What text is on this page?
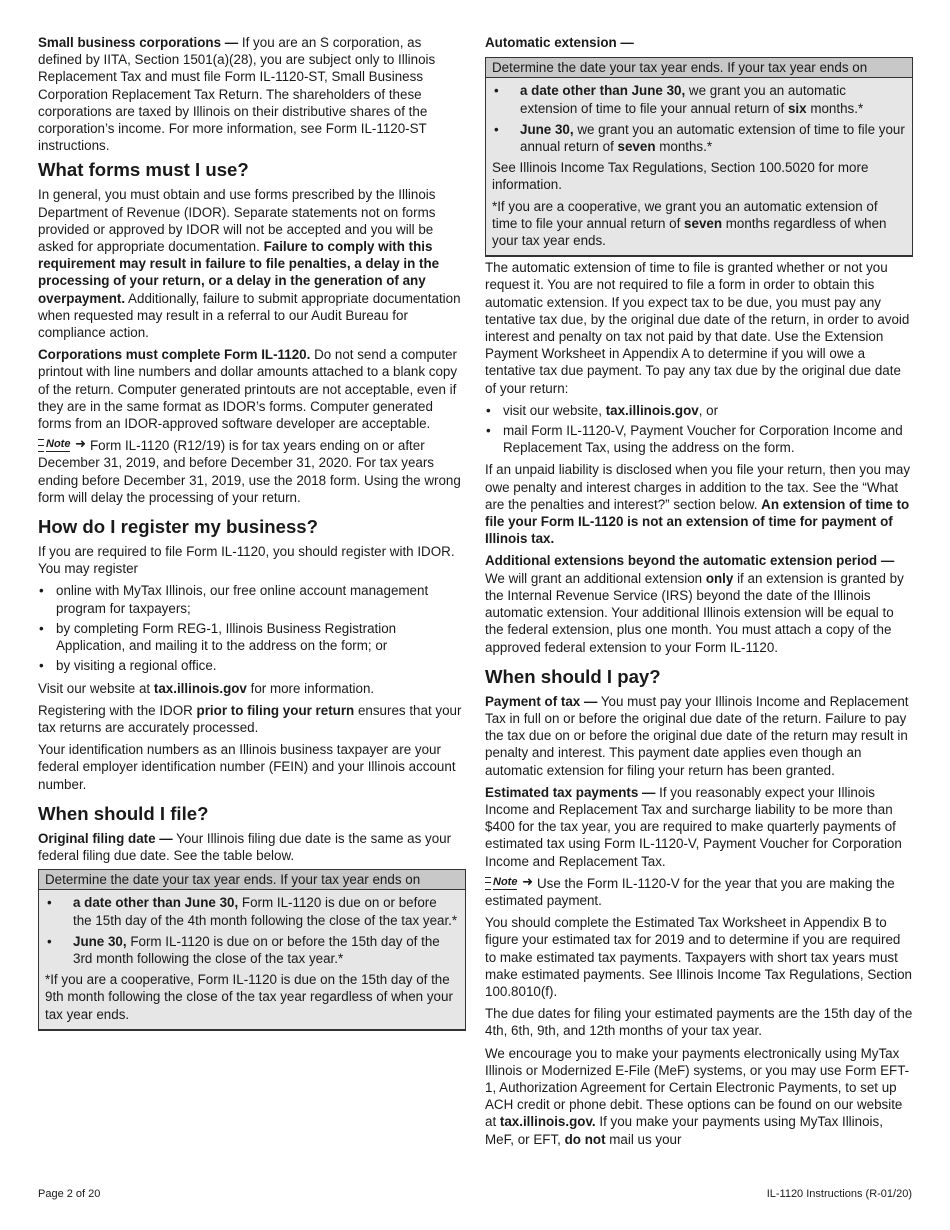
Small business corporations — If you are an S corporation, as defined by IITA, Section 1501(a)(28), you are subject only to Illinois Replacement Tax and must file Form IL-1120-ST, Small Business Corporation Replacement Tax Return. The shareholders of these corporations are taxed by Illinois on their distributive shares of the corporation’s income. For more information, see Form IL-1120-ST instructions.

What forms must I use?

In general, you must obtain and use forms prescribed by the Illinois Department of Revenue (IDOR). Separate statements not on forms provided or approved by IDOR will not be accepted and you will be asked for appropriate documentation. Failure to comply with this requirement may result in failure to file penalties, a delay in the processing of your return, or a delay in the generation of any overpayment. Additionally, failure to submit appropriate documentation when requested may result in a referral to our Audit Bureau for compliance action.

Corporations must complete Form IL-1120. Do not send a computer printout with line numbers and dollar amounts attached to a blank copy of the return. Computer generated printouts are not acceptable, even if they are in the same format as IDOR’s forms. Computer generated forms from an IDOR-approved software developer are acceptable.

Note ➜ Form IL-1120 (R12/19) is for tax years ending on or after December 31, 2019, and before December 31, 2020. For tax years ending before December 31, 2019, use the 2018 form. Using the wrong form will delay the processing of your return.

How do I register my business?

If you are required to file Form IL-1120, you should register with IDOR. You may register

• online with MyTax Illinois, our free online account management program for taxpayers;
• by completing Form REG-1, Illinois Business Registration Application, and mailing it to the address on the form; or
• by visiting a regional office.

Visit our website at tax.illinois.gov for more information.

Registering with the IDOR prior to filing your return ensures that your tax returns are accurately processed.

Your identification numbers as an Illinois business taxpayer are your federal employer identification number (FEIN) and your Illinois account number.

When should I file?

Original filing date — Your Illinois filing due date is the same as your federal filing due date. See the table below.

Determine the date your tax year ends. If your tax year ends on
• a date other than June 30, Form IL-1120 is due on or before the 15th day of the 4th month following the close of the tax year.*
• June 30, Form IL-1120 is due on or before the 15th day of the 3rd month following the close of the tax year.*

*If you are a cooperative, Form IL-1120 is due on the 15th day of the 9th month following the close of the tax year regardless of when your tax year ends.

Automatic extension —

Determine the date your tax year ends. If your tax year ends on
• a date other than June 30, we grant you an automatic extension of time to file your annual return of six months.*
• June 30, we grant you an automatic extension of time to file your annual return of seven months.*

See Illinois Income Tax Regulations, Section 100.5020 for more information.

*If you are a cooperative, we grant you an automatic extension of time to file your annual return of seven months regardless of when your tax year ends.

The automatic extension of time to file is granted whether or not you request it. You are not required to file a form in order to obtain this automatic extension. If you expect tax to be due, you must pay any tentative tax due, by the original due date of the return, in order to avoid interest and penalty on tax not paid by that date. Use the Extension Payment Worksheet in Appendix A to determine if you will owe a tentative tax due payment. To pay any tax due by the original due date of your return:

• visit our website, tax.illinois.gov, or
• mail Form IL-1120-V, Payment Voucher for Corporation Income and Replacement Tax, using the address on the form.

If an unpaid liability is disclosed when you file your return, then you may owe penalty and interest charges in addition to the tax. See the “What are the penalties and interest?” section below. An extension of time to file your Form IL-1120 is not an extension of time for payment of Illinois tax.

Additional extensions beyond the automatic extension period — We will grant an additional extension only if an extension is granted by the Internal Revenue Service (IRS) beyond the date of the Illinois automatic extension. Your additional Illinois extension will be equal to the federal extension, plus one month. You must attach a copy of the approved federal extension to your Form IL-1120.

When should I pay?

Payment of tax — You must pay your Illinois Income and Replacement Tax in full on or before the original due date of the return. Failure to pay the tax due on or before the original due date of the return may result in penalty and interest. This payment date applies even though an automatic extension for filing your return has been granted.

Estimated tax payments — If you reasonably expect your Illinois Income and Replacement Tax and surcharge liability to be more than $400 for the tax year, you are required to make quarterly payments of estimated tax using Form IL-1120-V, Payment Voucher for Corporation Income and Replacement Tax.

Note ➜ Use the Form IL-1120-V for the year that you are making the estimated payment.

You should complete the Estimated Tax Worksheet in Appendix B to figure your estimated tax for 2019 and to determine if you are required to make estimated tax payments. Taxpayers with short tax years must make estimated payments. See Illinois Income Tax Regulations, Section 100.8010(f).

The due dates for filing your estimated payments are the 15th day of the 4th, 6th, 9th, and 12th months of your tax year.

We encourage you to make your payments electronically using MyTax Illinois or Modernized E-File (MeF) systems, or you may use Form EFT-1, Authorization Agreement for Certain Electronic Payments, to set up ACH credit or phone debit. These options can be found on our website at tax.illinois.gov. If you make your payments using MyTax Illinois, MeF, or EFT, do not mail us your

Page 2 of 20	IL-1120 Instructions (R-01/20)
